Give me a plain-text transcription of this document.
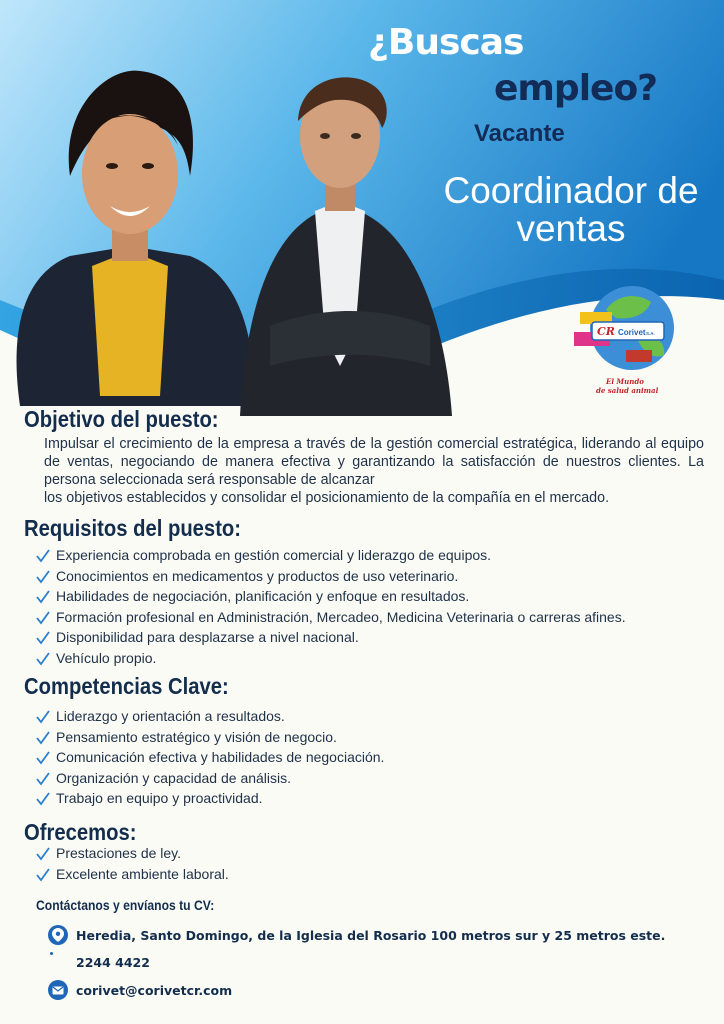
¿Buscas
empleo?
Vacante
Coordinador de
ventas
CR Corivet S.A.
El Mundo
de salud animal
Objetivo del puesto:
Impulsar el crecimiento de la empresa a través de la gestión comercial estratégica, liderando al equipo de ventas, negociando de manera efectiva y garantizando la satisfacción de nuestros clientes. La persona seleccionada será responsable de alcanzar
los objetivos establecidos y consolidar el posicionamiento de la compañía en el mercado.
Requisitos del puesto:
Experiencia comprobada en gestión comercial y liderazgo de equipos.
Conocimientos en medicamentos y productos de uso veterinario.
Habilidades de negociación, planificación y enfoque en resultados.
Formación profesional en Administración, Mercadeo, Medicina Veterinaria o carreras afines.
Disponibilidad para desplazarse a nivel nacional.
Vehículo propio.
Competencias Clave:
Liderazgo y orientación a resultados.
Pensamiento estratégico y visión de negocio.
Comunicación efectiva y habilidades de negociación.
Organización y capacidad de análisis.
Trabajo en equipo y proactividad.
Ofrecemos:
Prestaciones de ley.
Excelente ambiente laboral.
Contáctanos y envíanos tu CV:
Heredia, Santo Domingo, de la Iglesia del Rosario 100 metros sur y 25 metros este.
2244 4422
corivet@corivetcr.com
